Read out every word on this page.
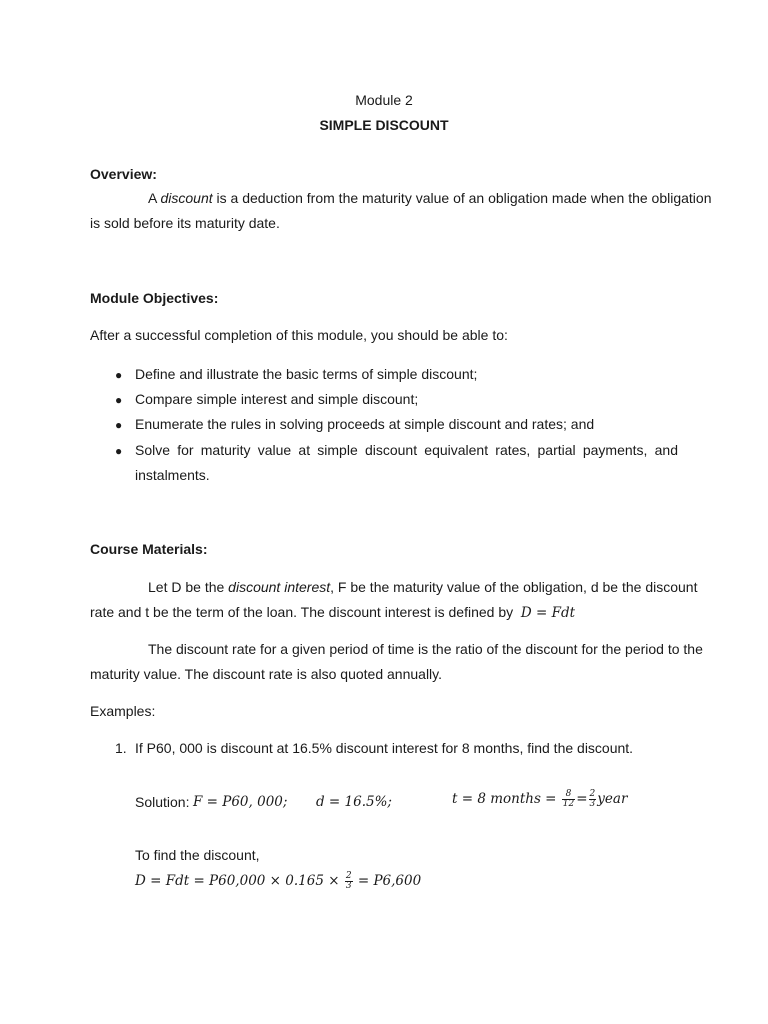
Module 2
SIMPLE DISCOUNT
Overview:
A discount is a deduction from the maturity value of an obligation made when the obligation
is sold before its maturity date.
Module Objectives:
After a successful completion of this module, you should be able to:
● Define and illustrate the basic terms of simple discount;
● Compare simple interest and simple discount;
● Enumerate the rules in solving proceeds at simple discount and rates; and
● Solve for maturity value at simple discount equivalent rates, partial payments, and
instalments.
Course Materials:
Let D be the discount interest, F be the maturity value of the obligation, d be the discount
rate and t be the term of the loan. The discount interest is defined by D = Fdt
The discount rate for a given period of time is the ratio of the discount for the period to the
maturity value. The discount rate is also quoted annually.
Examples:
1. If P60, 000 is discount at 16.5% discount interest for 8 months, find the discount.
Solution: F = P60, 000; d = 16.5%;	t = 8 months = $\frac{8}{12} = \frac{2}{3}$ year
To find the discount,
D = Fdt = $P60,000 \times 0.165 \times \frac{2}{3} = P6,600$
